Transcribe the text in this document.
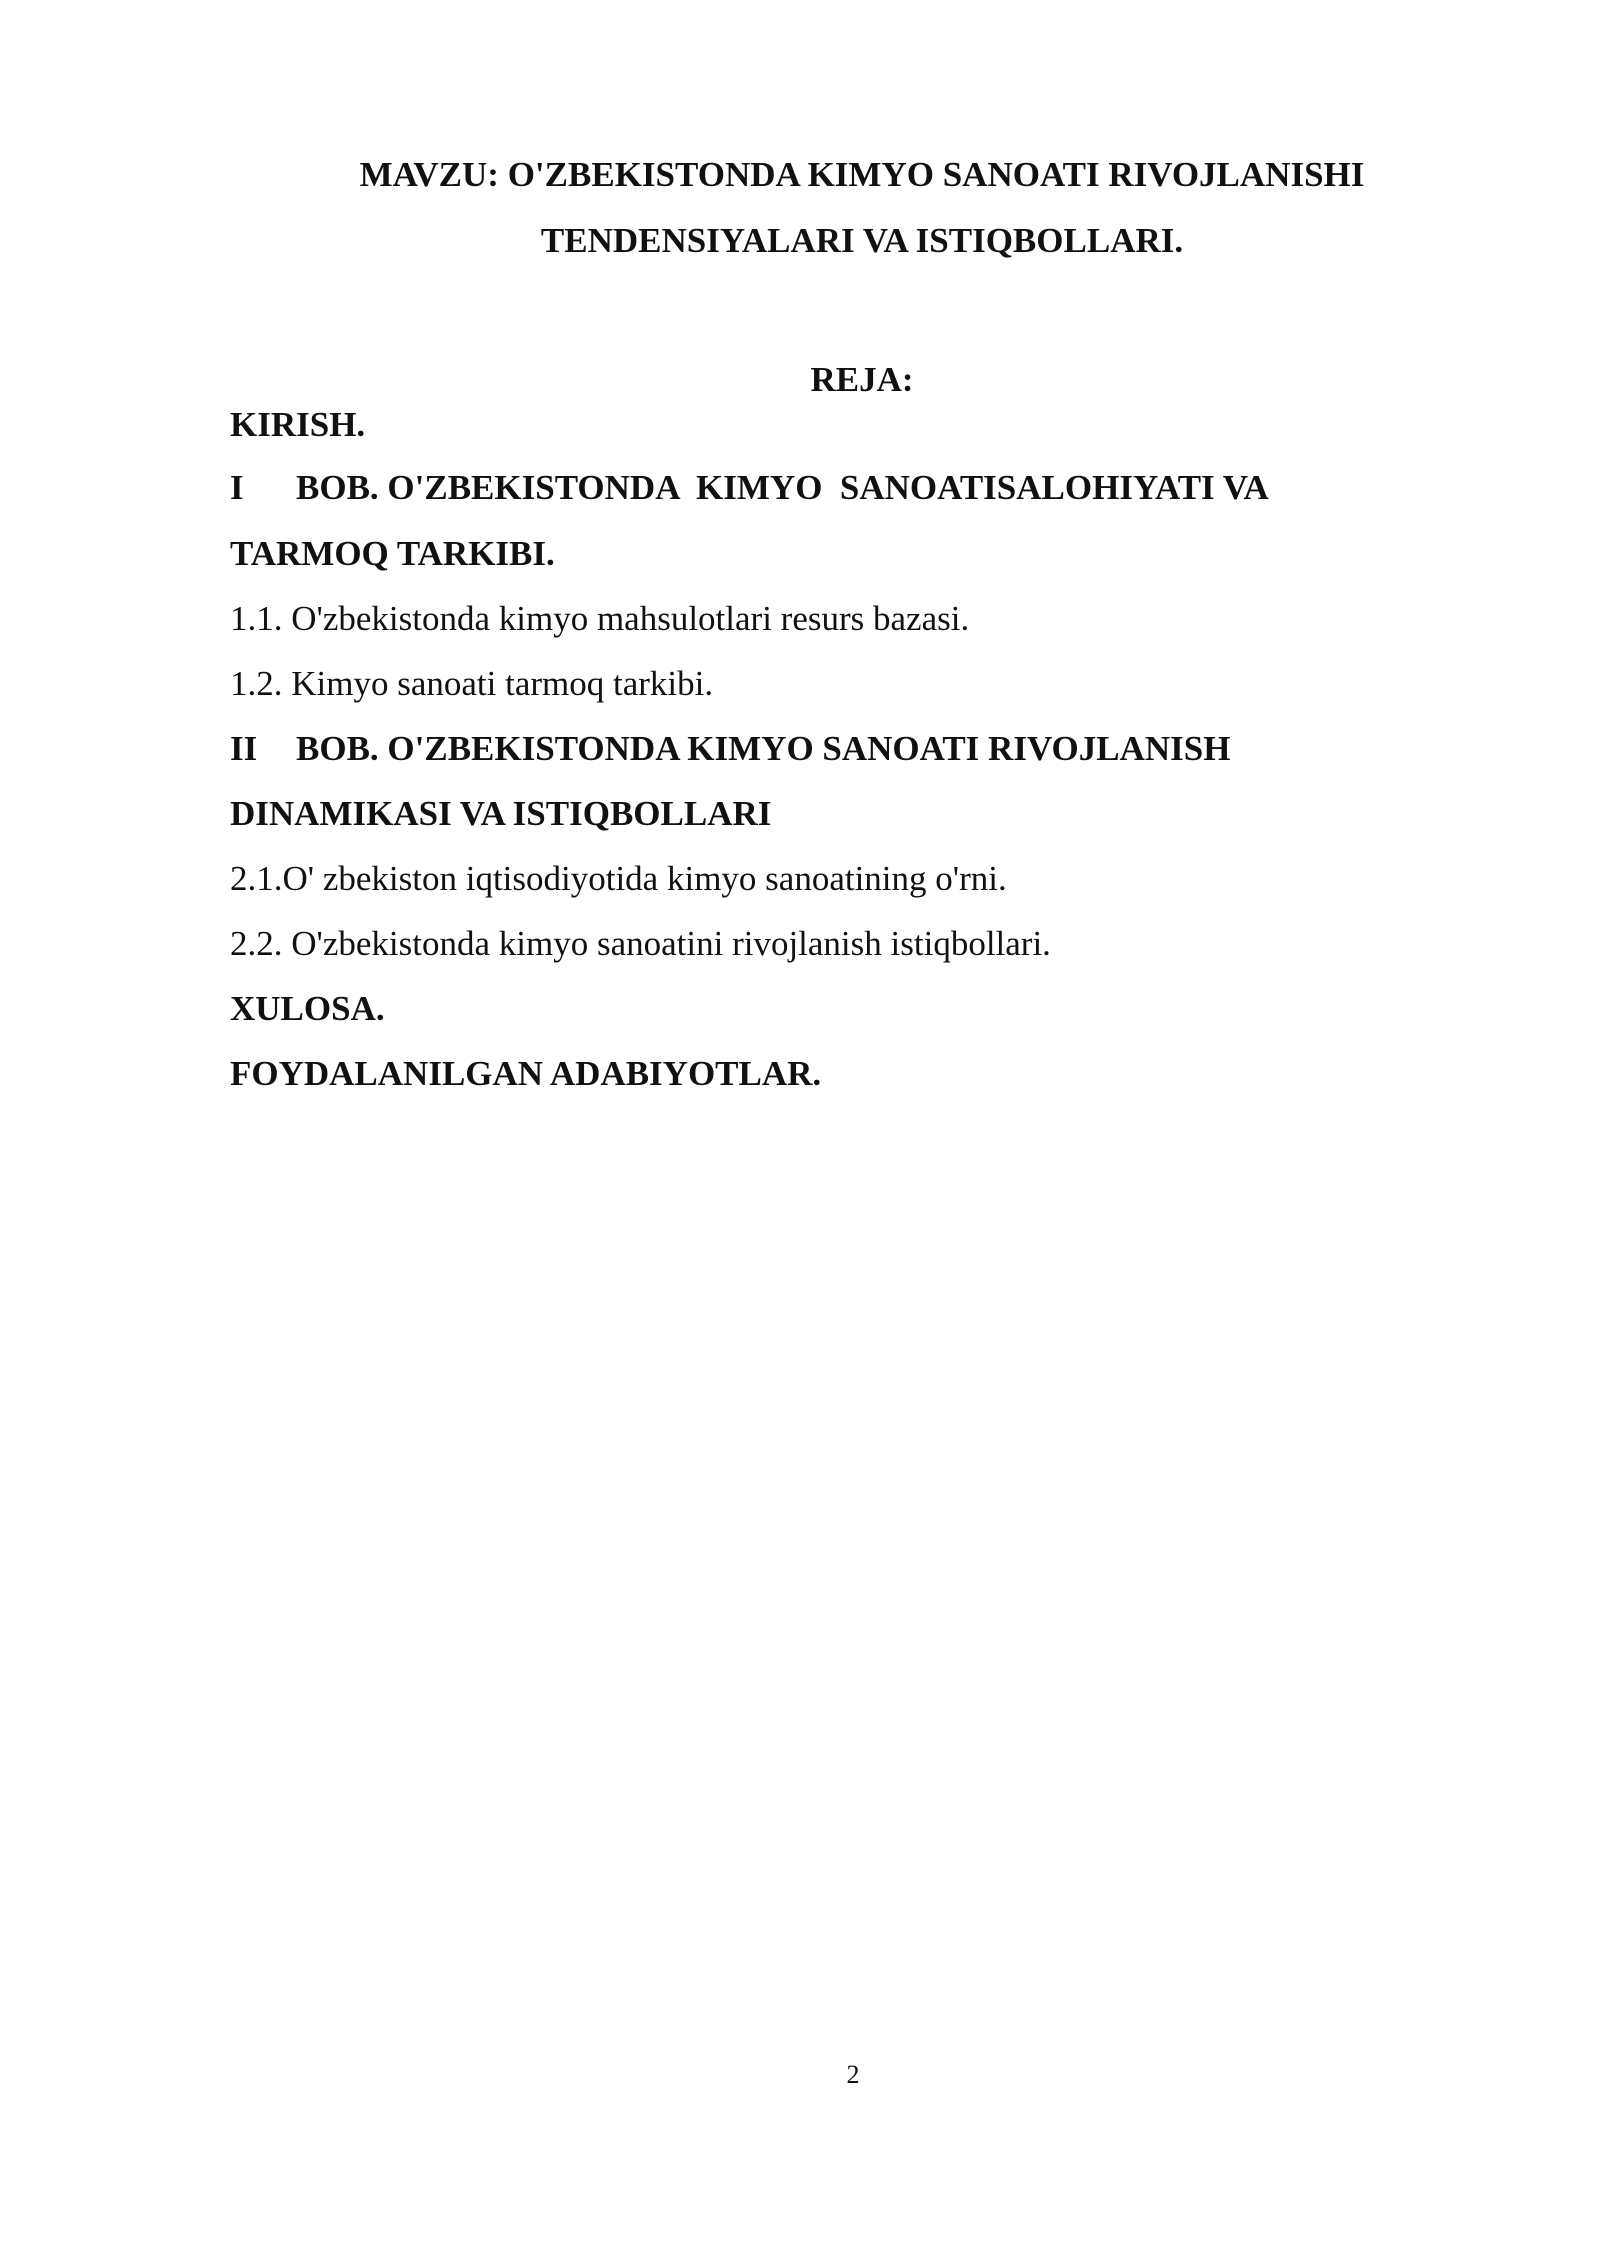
MAVZU: O'ZBEKISTONDA KIMYO SANOATI RIVOJLANISHI
TENDENSIYALARI VA ISTIQBOLLARI.
REJA:
KIRISH.
I BOB. O'ZBEKISTONDA  KIMYO  SANOATISALOHIYATI VA
TARMOQ TARKIBI.
1.1. O'zbekistonda kimyo mahsulotlari resurs bazasi.
1.2. Kimyo sanoati tarmoq tarkibi.
II BOB. O'ZBEKISTONDA KIMYO SANOATI RIVOJLANISH
DINAMIKASI VA ISTIQBOLLARI
2.1.O' zbekiston iqtisodiyotida kimyo sanoatining o'rni.
2.2. O'zbekistonda kimyo sanoatini rivojlanish istiqbollari.
XULOSA.
FOYDALANILGAN ADABIYOTLAR.
2
